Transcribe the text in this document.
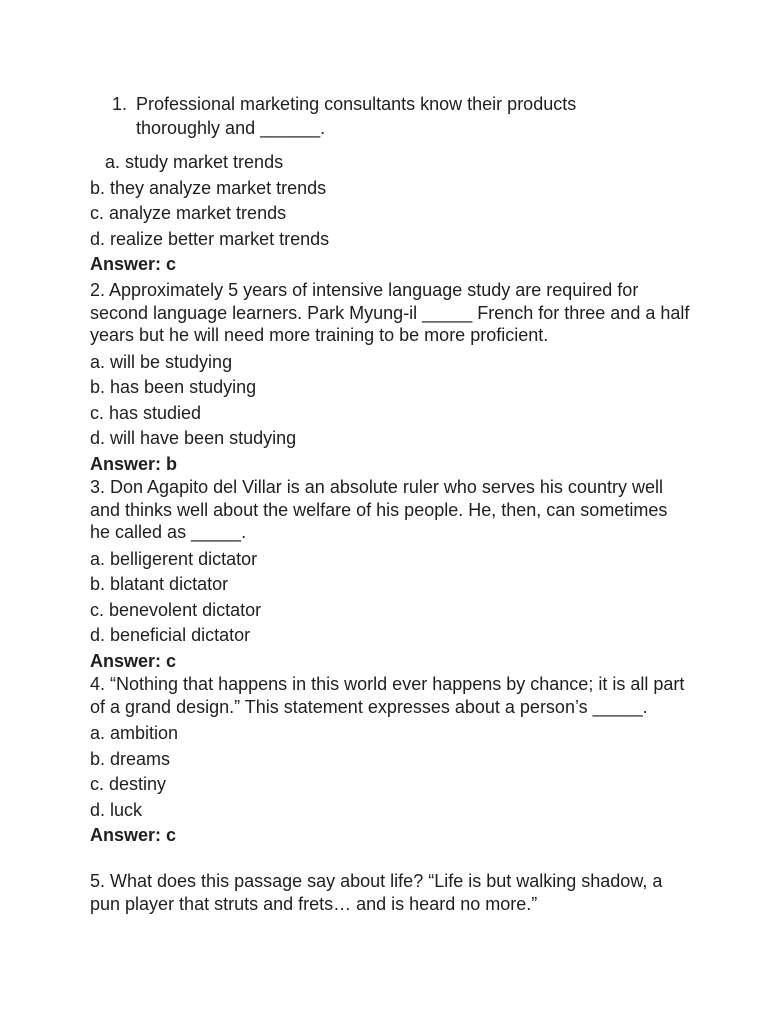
1. Professional marketing consultants know their products thoroughly and ______.
a. study market trends
b. they analyze market trends
c. analyze market trends
d. realize better market trends
Answer: c
2. Approximately 5 years of intensive language study are required for second language learners. Park Myung-il _____ French for three and a half years but he will need more training to be more proficient.
a. will be studying
b. has been studying
c. has studied
d. will have been studying
Answer: b
3. Don Agapito del Villar is an absolute ruler who serves his country well and thinks well about the welfare of his people. He, then, can sometimes he called as _____.
a. belligerent dictator
b. blatant dictator
c. benevolent dictator
d. beneficial dictator
Answer: c
4. “Nothing that happens in this world ever happens by chance; it is all part of a grand design.” This statement expresses about a person’s _____.
a. ambition
b. dreams
c. destiny
d. luck
Answer: c
5. What does this passage say about life? “Life is but walking shadow, a pun player that struts and frets… and is heard no more.”
